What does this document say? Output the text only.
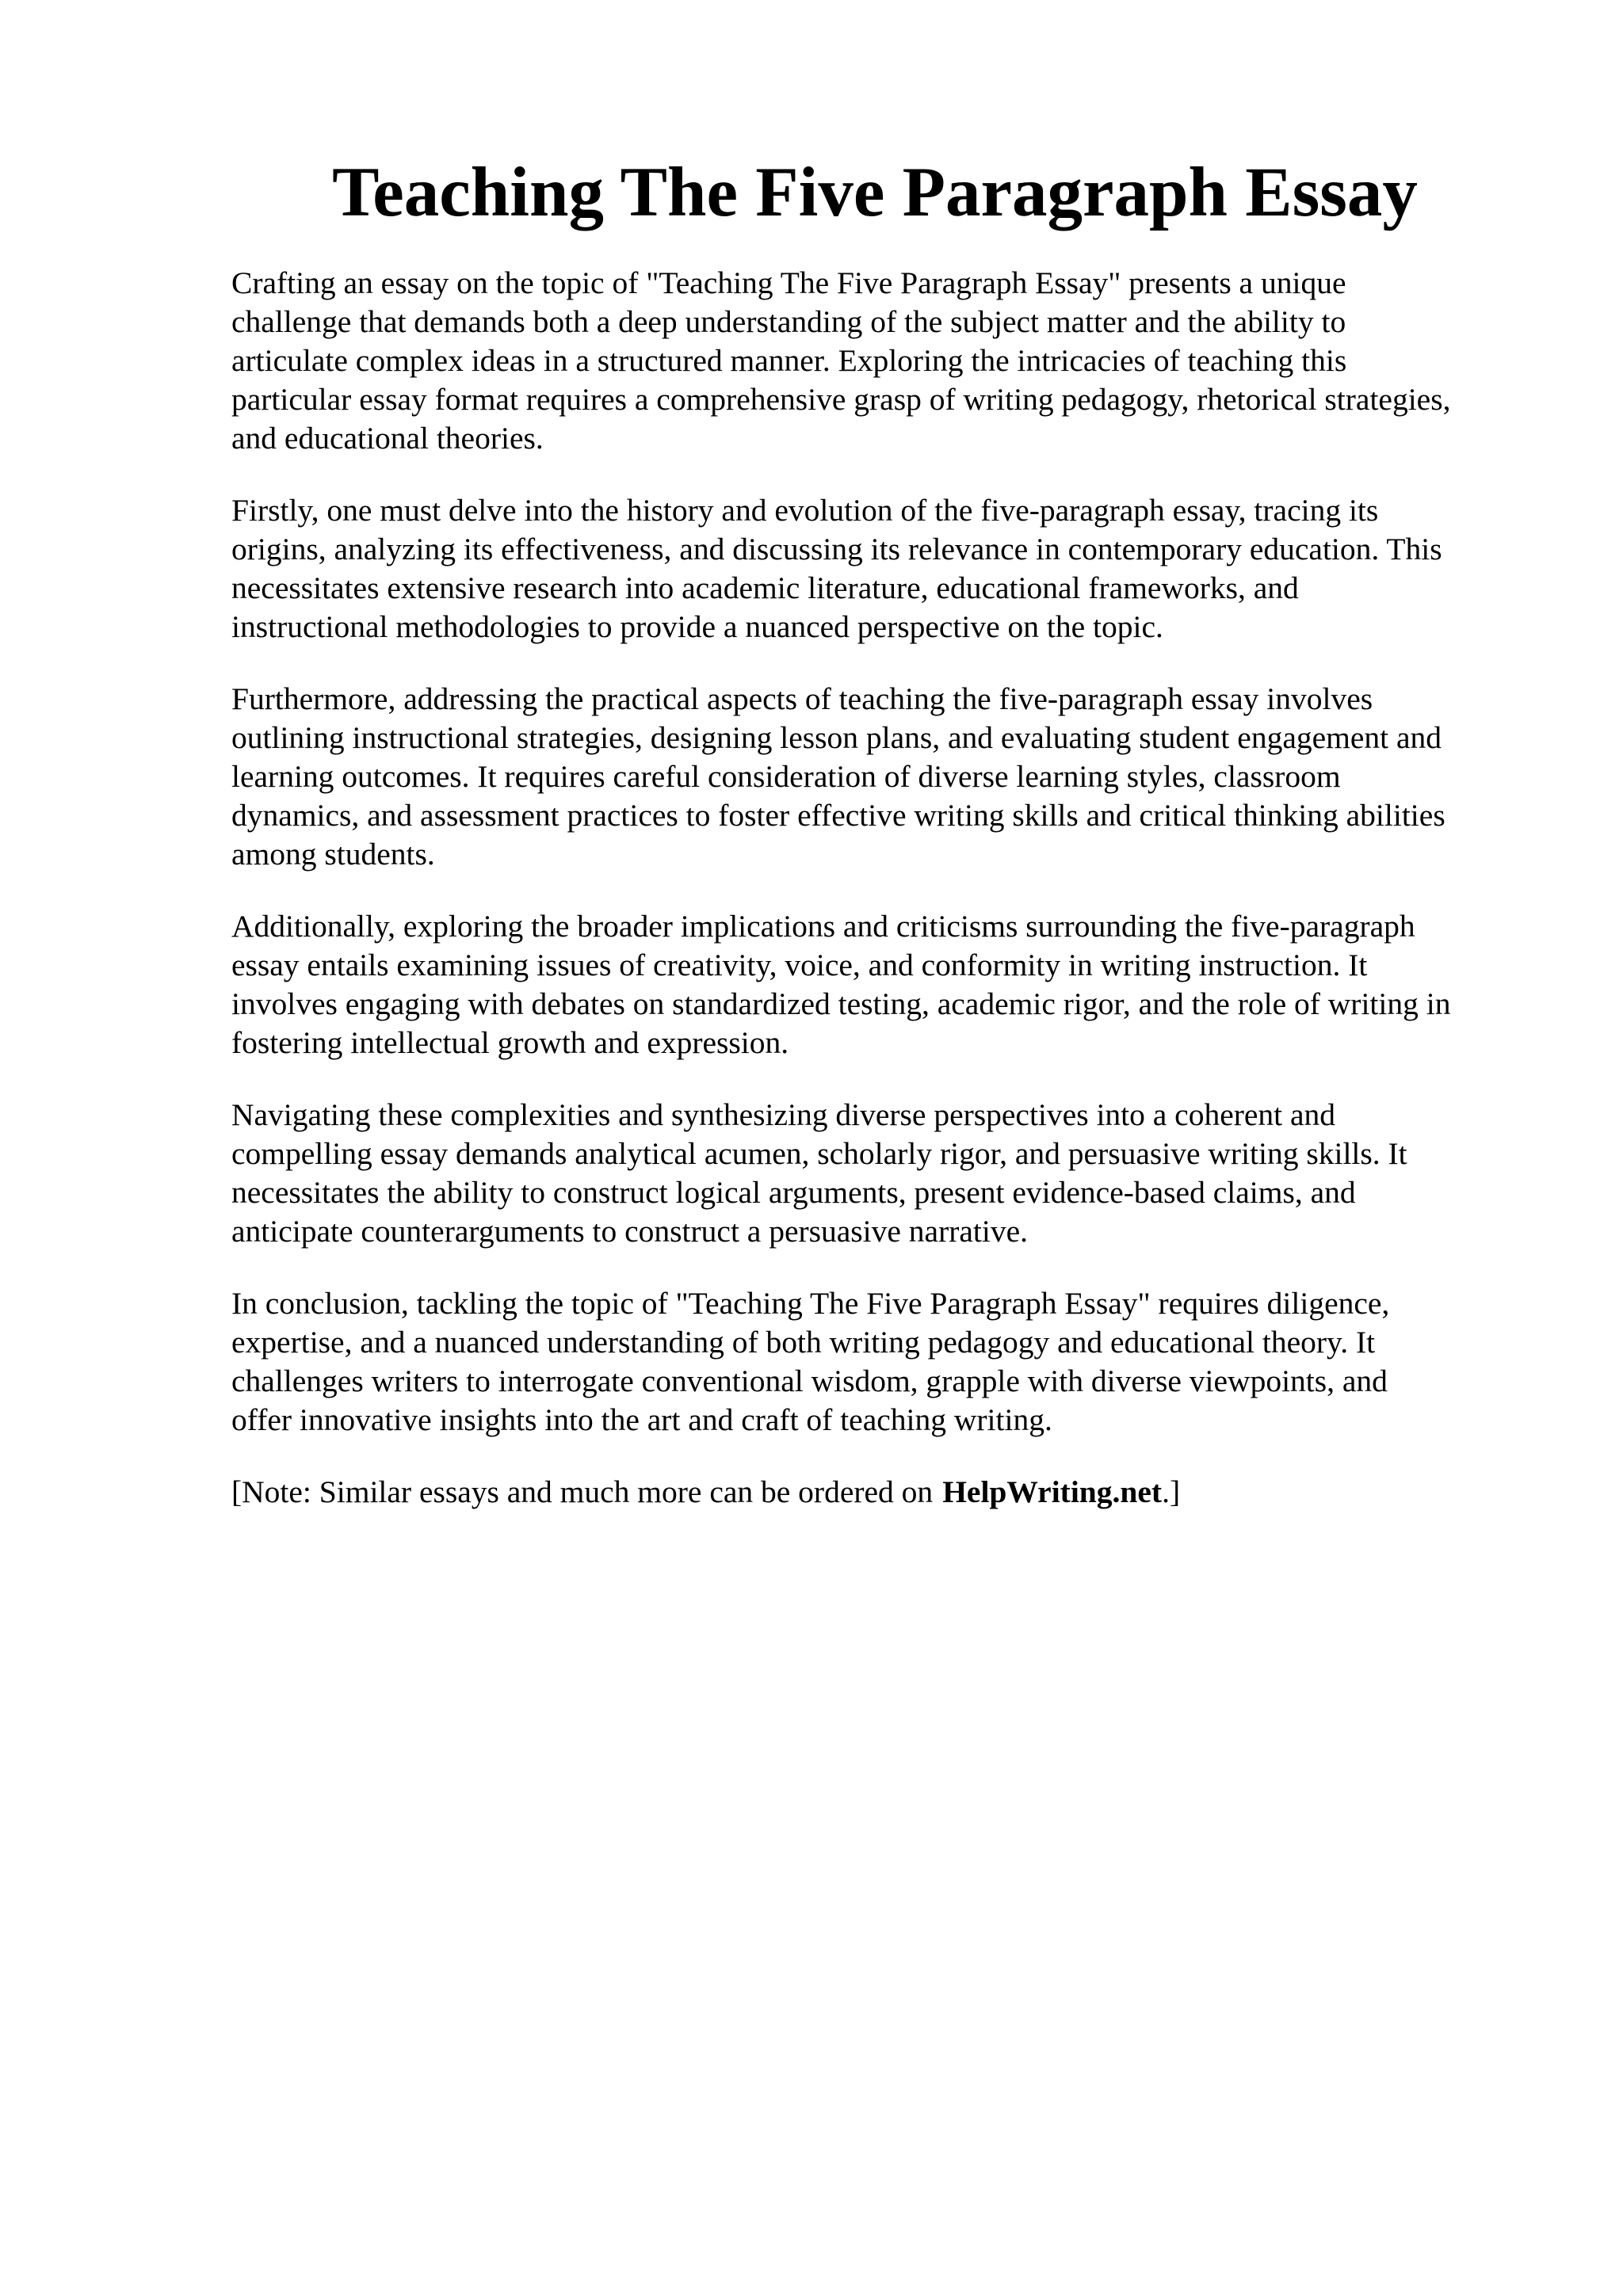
Teaching The Five Paragraph Essay

Crafting an essay on the topic of "Teaching The Five Paragraph Essay" presents a unique
challenge that demands both a deep understanding of the subject matter and the ability to
articulate complex ideas in a structured manner. Exploring the intricacies of teaching this
particular essay format requires a comprehensive grasp of writing pedagogy, rhetorical strategies,
and educational theories.

Firstly, one must delve into the history and evolution of the five-paragraph essay, tracing its
origins, analyzing its effectiveness, and discussing its relevance in contemporary education. This
necessitates extensive research into academic literature, educational frameworks, and
instructional methodologies to provide a nuanced perspective on the topic.

Furthermore, addressing the practical aspects of teaching the five-paragraph essay involves
outlining instructional strategies, designing lesson plans, and evaluating student engagement and
learning outcomes. It requires careful consideration of diverse learning styles, classroom
dynamics, and assessment practices to foster effective writing skills and critical thinking abilities
among students.

Additionally, exploring the broader implications and criticisms surrounding the five-paragraph
essay entails examining issues of creativity, voice, and conformity in writing instruction. It
involves engaging with debates on standardized testing, academic rigor, and the role of writing in
fostering intellectual growth and expression.

Navigating these complexities and synthesizing diverse perspectives into a coherent and
compelling essay demands analytical acumen, scholarly rigor, and persuasive writing skills. It
necessitates the ability to construct logical arguments, present evidence-based claims, and
anticipate counterarguments to construct a persuasive narrative.

In conclusion, tackling the topic of "Teaching The Five Paragraph Essay" requires diligence,
expertise, and a nuanced understanding of both writing pedagogy and educational theory. It
challenges writers to interrogate conventional wisdom, grapple with diverse viewpoints, and
offer innovative insights into the art and craft of teaching writing.

[Note: Similar essays and much more can be ordered on HelpWriting.net.]
